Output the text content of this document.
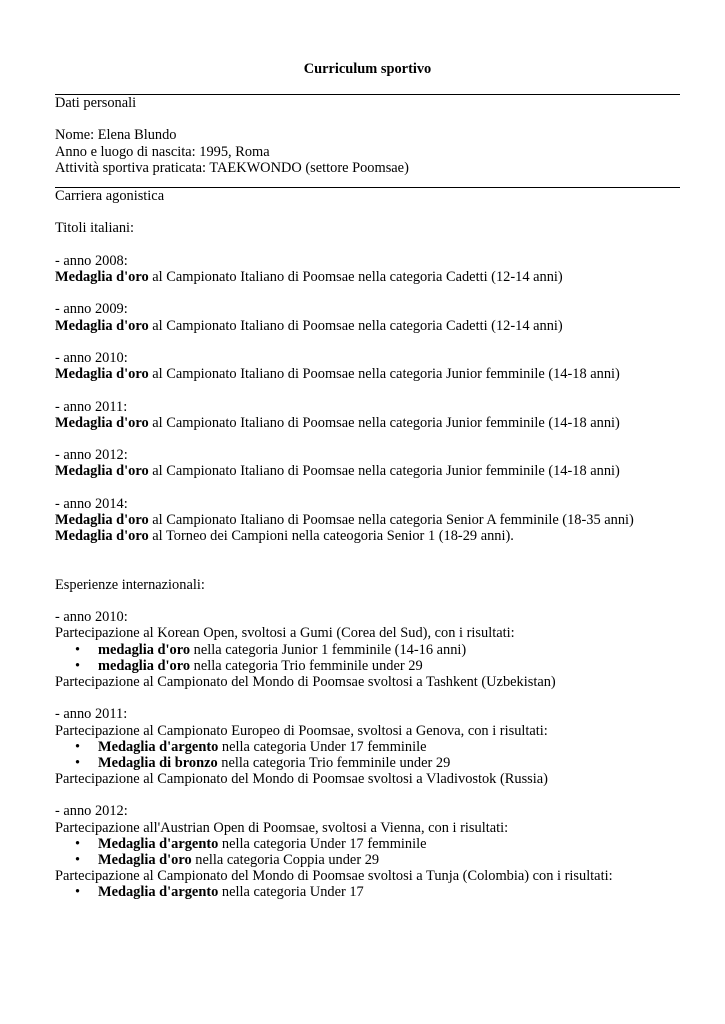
Curriculum sportivo
Dati personali
Nome: Elena Blundo
Anno e luogo di nascita: 1995, Roma
Attività sportiva praticata: TAEKWONDO (settore Poomsae)
Carriera agonistica
Titoli italiani:
- anno 2008:
Medaglia d'oro al Campionato Italiano di Poomsae nella categoria Cadetti (12-14 anni)
- anno 2009:
Medaglia d'oro al Campionato Italiano di Poomsae nella categoria Cadetti (12-14 anni)
- anno 2010:
Medaglia d'oro al Campionato Italiano di Poomsae nella categoria Junior femminile (14-18 anni)
- anno 2011:
Medaglia d'oro al Campionato Italiano di Poomsae nella categoria Junior femminile (14-18 anni)
- anno 2012:
Medaglia d'oro al Campionato Italiano di Poomsae nella categoria Junior femminile (14-18 anni)
- anno 2014:
Medaglia d'oro al Campionato Italiano di Poomsae nella categoria Senior A femminile (18-35 anni)
Medaglia d'oro al Torneo dei Campioni nella cateogoria Senior 1 (18-29 anni).
Esperienze internazionali:
- anno 2010:
Partecipazione al Korean Open, svoltosi a Gumi (Corea del Sud), con i risultati:
• medaglia d'oro nella categoria Junior 1 femminile (14-16 anni)
• medaglia d'oro nella categoria Trio femminile under 29
Partecipazione al Campionato del Mondo di Poomsae svoltosi a Tashkent (Uzbekistan)
- anno 2011:
Partecipazione al Campionato Europeo di Poomsae, svoltosi a Genova, con i risultati:
• Medaglia d'argento nella categoria Under 17 femminile
• Medaglia di bronzo nella categoria Trio femminile under 29
Partecipazione al Campionato del Mondo di Poomsae svoltosi a Vladivostok (Russia)
- anno 2012:
Partecipazione all'Austrian Open di Poomsae, svoltosi a Vienna, con i risultati:
• Medaglia d'argento nella categoria Under 17 femminile
• Medaglia d'oro nella categoria Coppia under 29
Partecipazione al Campionato del Mondo di Poomsae svoltosi a Tunja (Colombia) con i risultati:
• Medaglia d'argento nella categoria Under 17
